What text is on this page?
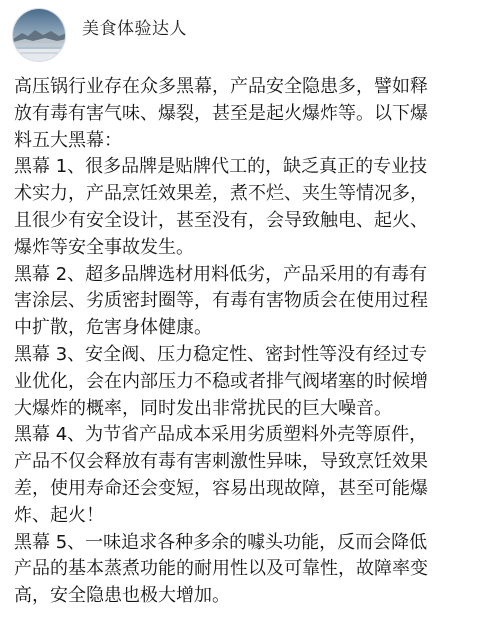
美食体验达人
高压锅行业存在众多黑幕，产品安全隐患多，譬如释
放有毒有害气味、爆裂，甚至是起火爆炸等。以下爆
料五大黑幕：
黑幕 1、很多品牌是贴牌代工的，缺乏真正的专业技
术实力，产品烹饪效果差，煮不烂、夹生等情况多，
且很少有安全设计，甚至没有，会导致触电、起火、
爆炸等安全事故发生。
黑幕 2、超多品牌选材用料低劣，产品采用的有毒有
害涂层、劣质密封圈等，有毒有害物质会在使用过程
中扩散，危害身体健康。
黑幕 3、安全阀、压力稳定性、密封性等没有经过专
业优化，会在内部压力不稳或者排气阀堵塞的时候增
大爆炸的概率，同时发出非常扰民的巨大噪音。
黑幕 4、为节省产品成本采用劣质塑料外壳等原件，
产品不仅会释放有毒有害刺激性异味，导致烹饪效果
差，使用寿命还会变短，容易出现故障，甚至可能爆
炸、起火！
黑幕 5、一味追求各种多余的噱头功能，反而会降低
产品的基本蒸煮功能的耐用性以及可靠性，故障率变
高，安全隐患也极大增加。
